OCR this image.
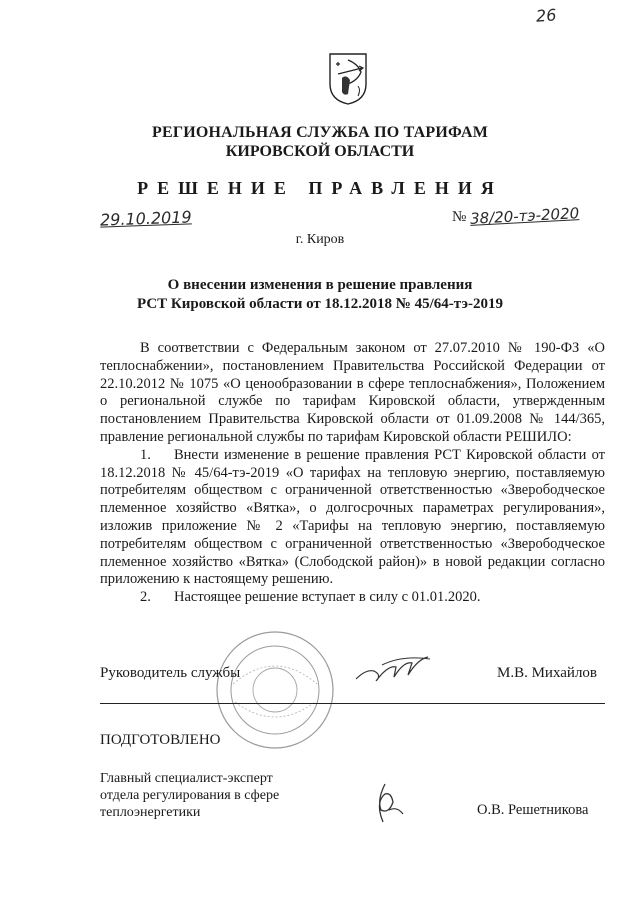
26
РЕГИОНАЛЬНАЯ СЛУЖБА ПО ТАРИФАМ
КИРОВСКОЙ ОБЛАСТИ
РЕШЕНИЕ ПРАВЛЕНИЯ
29.10.2019	№ 38/20-тэ-2020
г. Киров
О внесении изменения в решение правления
РСТ Кировской области от 18.12.2018 № 45/64-тэ-2019

В соответствии с Федеральным законом от 27.07.2010 № 190-ФЗ «О теплоснабжении», постановлением Правительства Российской Федерации от 22.10.2012 № 1075 «О ценообразовании в сфере теплоснабжения», Положением о региональной службе по тарифам Кировской области, утвержденным постановлением Правительства Кировской области от 01.09.2008 № 144/365, правление региональной службы по тарифам Кировской области РЕШИЛО:

1. Внести изменение в решение правления РСТ Кировской области от 18.12.2018 № 45/64-тэ-2019 «О тарифах на тепловую энергию, поставляемую потребителям обществом с ограниченной ответственностью «Зверободческое племенное хозяйство «Вятка», о долгосрочных параметрах регулирования», изложив приложение № 2 «Тарифы на тепловую энергию, поставляемую потребителям обществом с ограниченной ответственностью «Зверободческое племенное хозяйство «Вятка» (Слободской район)» в новой редакции согласно приложению к настоящему решению.

2. Настоящее решение вступает в силу с 01.01.2020.

Руководитель службы	М.В. Михайлов
ПОДГОТОВЛЕНО
Главный специалист-эксперт
отдела регулирования в сфере
теплоэнергетики	О.В. Решетникова
